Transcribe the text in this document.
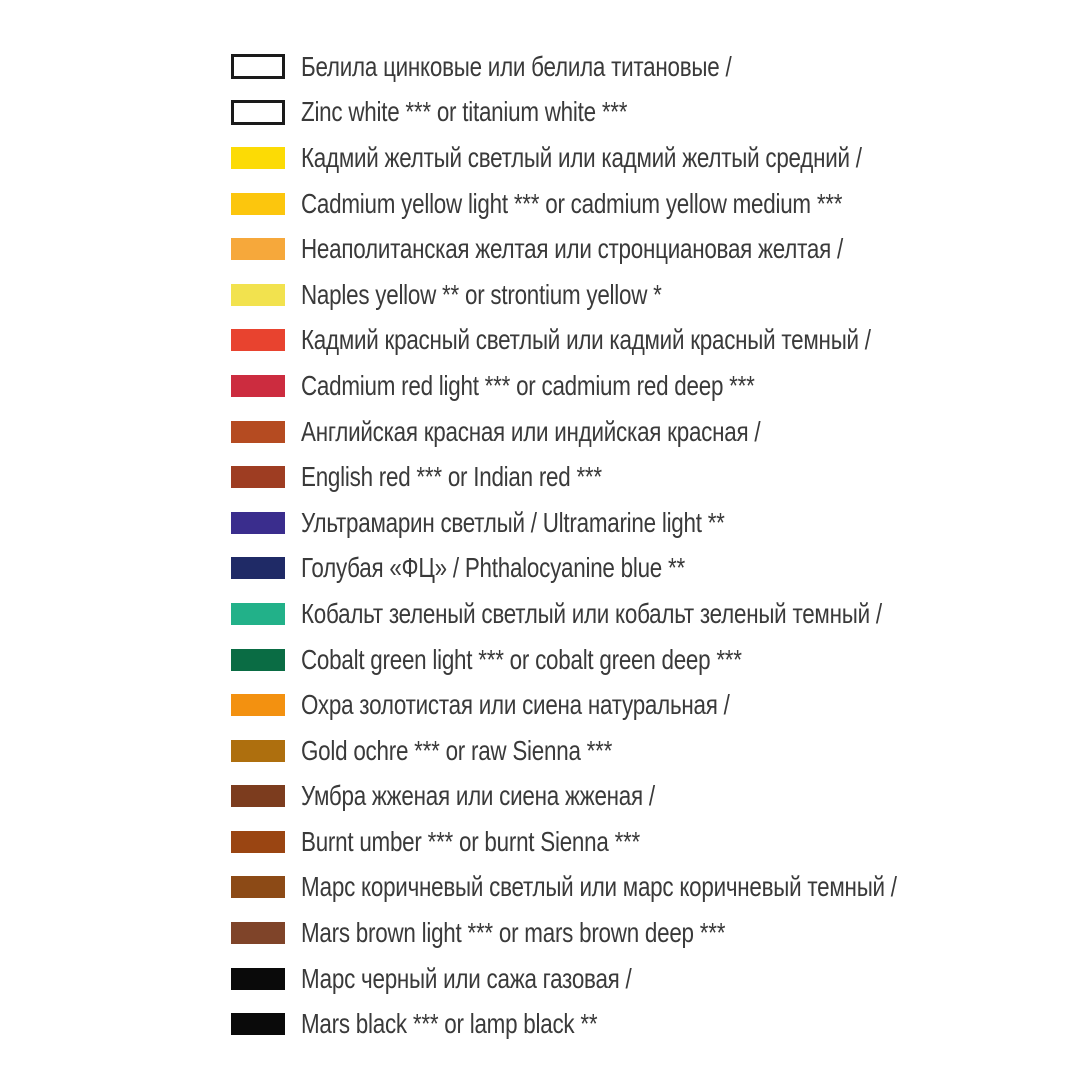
Белила цинковые или белила титановые /
Zinc white *** or titanium white ***
Кадмий желтый светлый или кадмий желтый средний /
Cadmium yellow light *** or cadmium yellow medium ***
Неаполитанская желтая или стронциановая желтая /
Naples yellow ** or strontium yellow *
Кадмий красный светлый или кадмий красный темный /
Cadmium red light *** or cadmium red deep ***
Английская красная или индийская красная /
English red *** or Indian red ***
Ультрамарин светлый / Ultramarine light **
Голубая «ФЦ» / Phthalocyanine blue **
Кобальт зеленый светлый или кобальт зеленый темный /
Cobalt green light *** or cobalt green deep ***
Охра золотистая или сиена натуральная /
Gold ochre *** or raw Sienna ***
Умбра жженая или сиена жженая /
Burnt umber *** or burnt Sienna ***
Марс коричневый светлый или марс коричневый темный /
Mars brown light *** or mars brown deep ***
Марс черный или сажа газовая /
Mars black *** or lamp black **
